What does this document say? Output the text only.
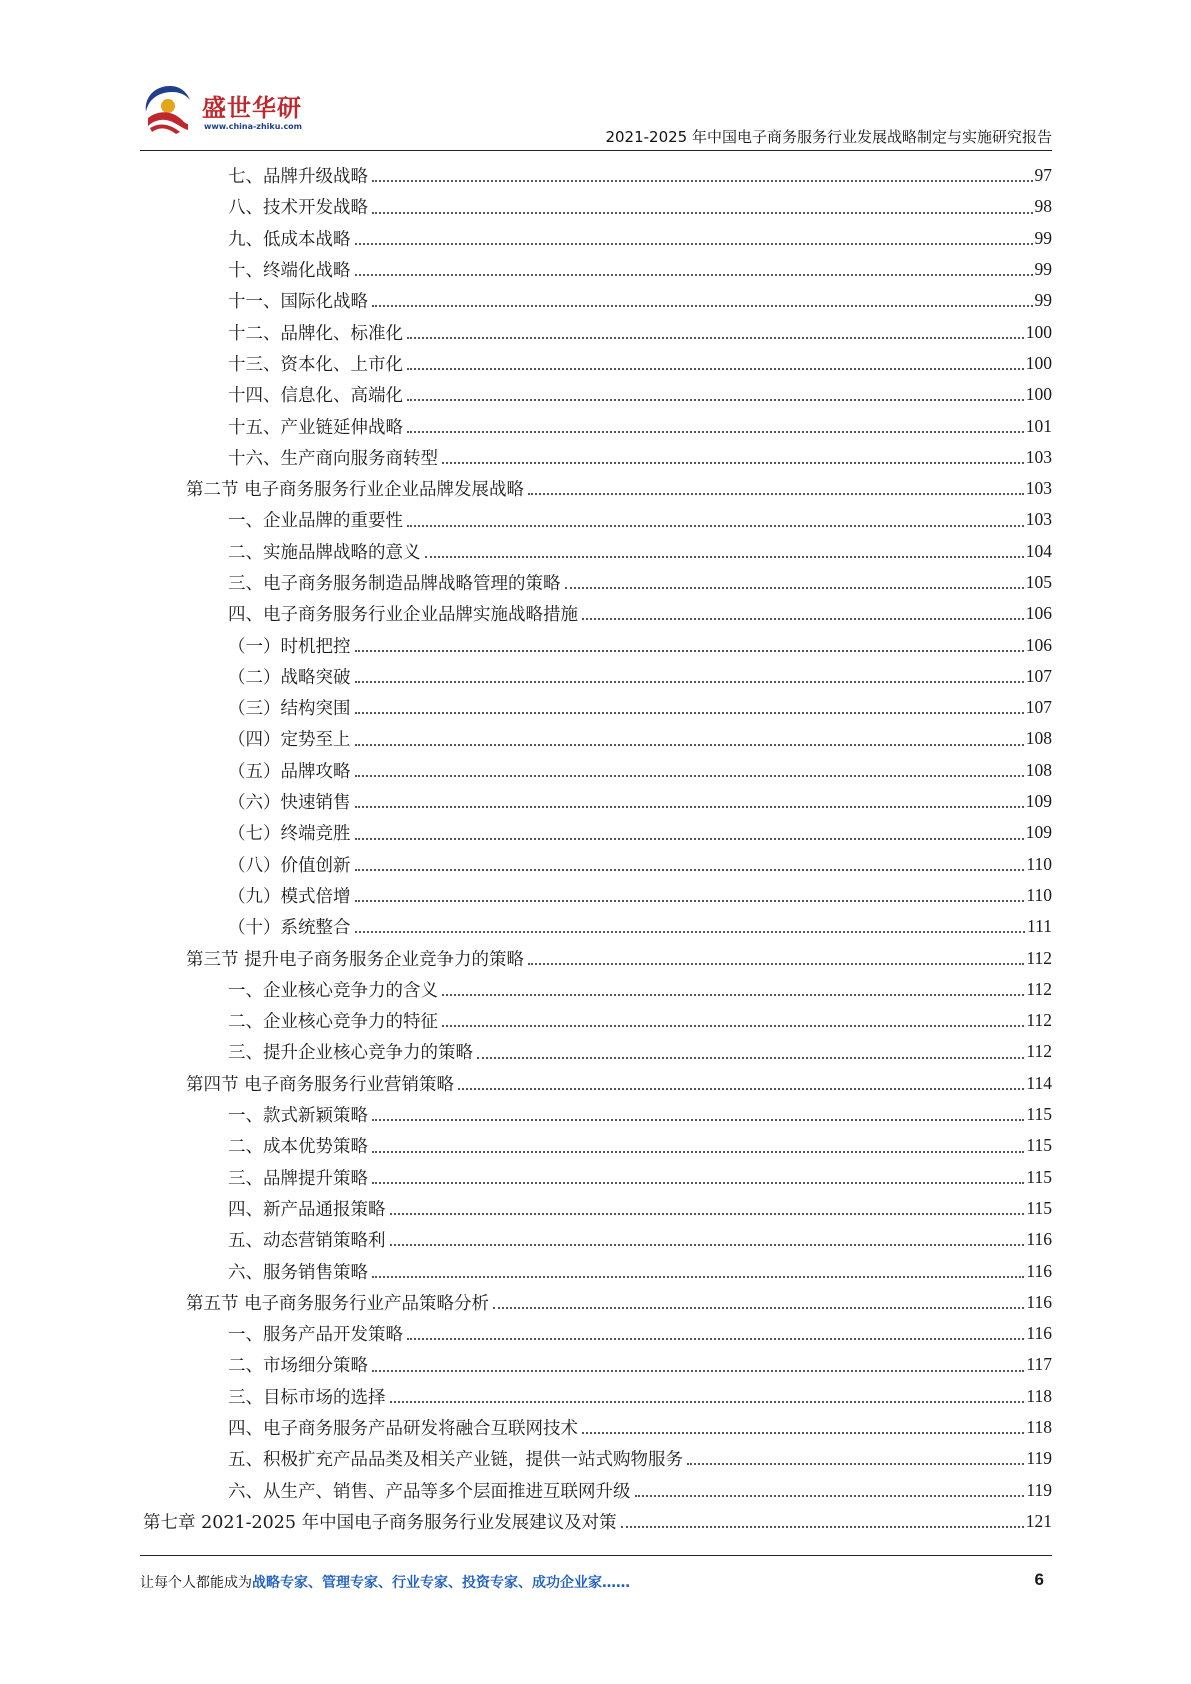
盛世华研
www.china-zhiku.com
2021-2025 年中国电子商务服务行业发展战略制定与实施研究报告
七、品牌升级战略	97
八、技术开发战略	98
九、低成本战略	99
十、终端化战略	99
十一、国际化战略	99
十二、品牌化、标准化	100
十三、资本化、上市化	100
十四、信息化、高端化	100
十五、产业链延伸战略	101
十六、生产商向服务商转型	103
第二节 电子商务服务行业企业品牌发展战略	103
一、企业品牌的重要性	103
二、实施品牌战略的意义	104
三、电子商务服务制造品牌战略管理的策略	105
四、电子商务服务行业企业品牌实施战略措施	106
（一）时机把控	106
（二）战略突破	107
（三）结构突围	107
（四）定势至上	108
（五）品牌攻略	108
（六）快速销售	109
（七）终端竞胜	109
（八）价值创新	110
（九）模式倍增	110
（十）系统整合	111
第三节 提升电子商务服务企业竞争力的策略	112
一、企业核心竞争力的含义	112
二、企业核心竞争力的特征	112
三、提升企业核心竞争力的策略	112
第四节 电子商务服务行业营销策略	114
一、款式新颖策略	115
二、成本优势策略	115
三、品牌提升策略	115
四、新产品通报策略	115
五、动态营销策略利	116
六、服务销售策略	116
第五节 电子商务服务行业产品策略分析	116
一、服务产品开发策略	116
二、市场细分策略	117
三、目标市场的选择	118
四、电子商务服务产品研发将融合互联网技术	118
五、积极扩充产品品类及相关产业链，提供一站式购物服务	119
六、从生产、销售、产品等多个层面推进互联网升级	119
第七章 2021-2025 年中国电子商务服务行业发展建议及对策	121
让每个人都能成为战略专家、管理专家、行业专家、投资专家、成功企业家……	6
